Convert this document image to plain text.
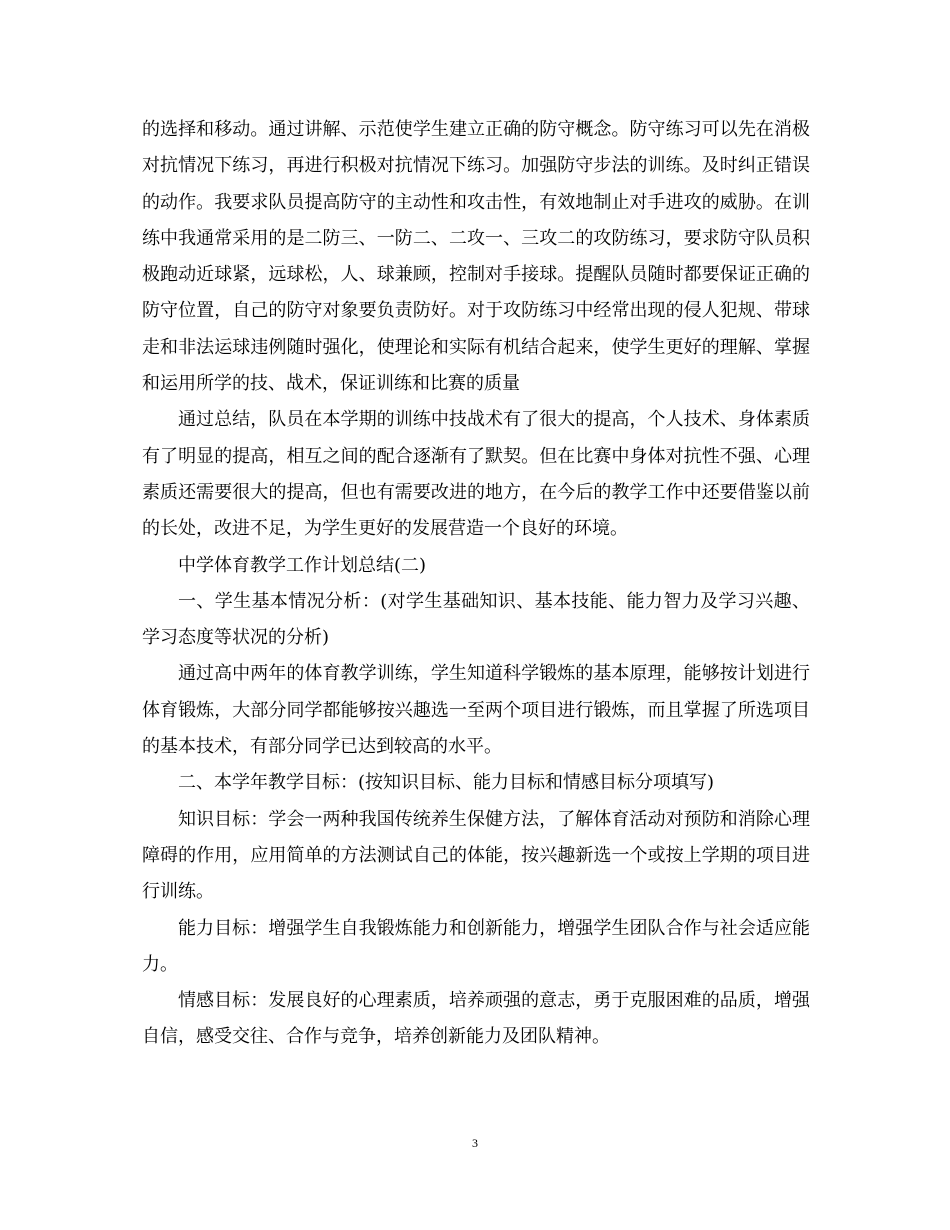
的选择和移动。通过讲解、示范使学生建立正确的防守概念。防守练习可以先在消极对抗情况下练习，再进行积极对抗情况下练习。加强防守步法的训练。及时纠正错误的动作。我要求队员提高防守的主动性和攻击性，有效地制止对手进攻的威胁。在训练中我通常采用的是二防三、一防二、二攻一、三攻二的攻防练习，要求防守队员积极跑动近球紧，远球松，人、球兼顾，控制对手接球。提醒队员随时都要保证正确的防守位置，自己的防守对象要负责防好。对于攻防练习中经常出现的侵人犯规、带球走和非法运球违例随时强化，使理论和实际有机结合起来，使学生更好的理解、掌握和运用所学的技、战术，保证训练和比赛的质量

通过总结，队员在本学期的训练中技战术有了很大的提高，个人技术、身体素质有了明显的提高，相互之间的配合逐渐有了默契。但在比赛中身体对抗性不强、心理素质还需要很大的提高，但也有需要改进的地方，在今后的教学工作中还要借鉴以前的长处，改进不足，为学生更好的发展营造一个良好的环境。

中学体育教学工作计划总结(二)

一、学生基本情况分析：(对学生基础知识、基本技能、能力智力及学习兴趣、学习态度等状况的分析)

通过高中两年的体育教学训练，学生知道科学锻炼的基本原理，能够按计划进行体育锻炼，大部分同学都能够按兴趣选一至两个项目进行锻炼，而且掌握了所选项目的基本技术，有部分同学已达到较高的水平。

二、本学年教学目标：(按知识目标、能力目标和情感目标分项填写)

知识目标：学会一两种我国传统养生保健方法，了解体育活动对预防和消除心理障碍的作用，应用简单的方法测试自己的体能，按兴趣新选一个或按上学期的项目进行训练。

能力目标：增强学生自我锻炼能力和创新能力，增强学生团队合作与社会适应能力。

情感目标：发展良好的心理素质，培养顽强的意志，勇于克服困难的品质，增强自信，感受交往、合作与竞争，培养创新能力及团队精神。

3
